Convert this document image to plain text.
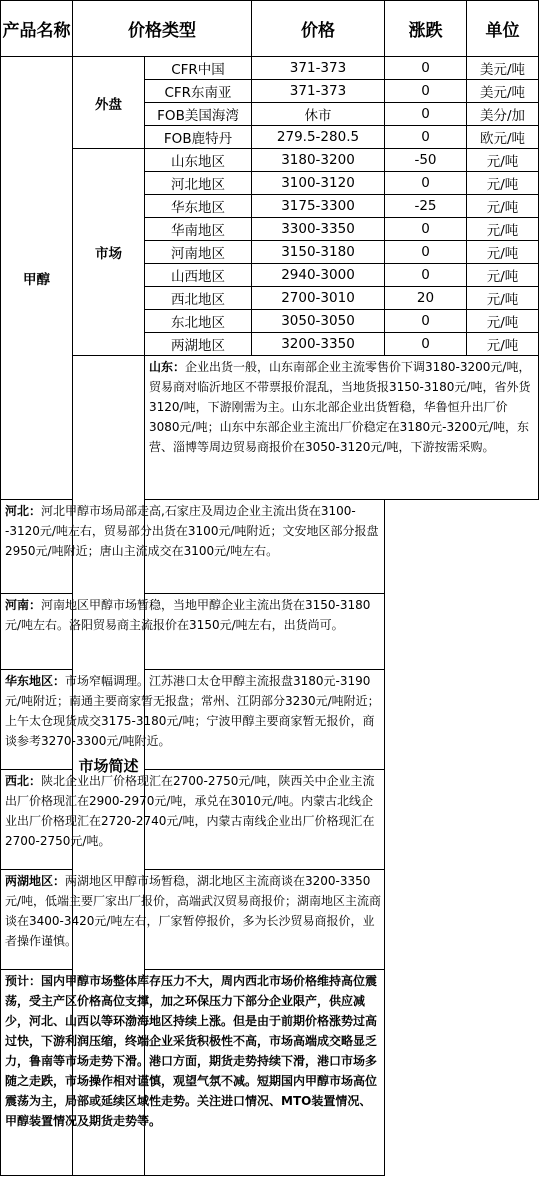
产品名称	价格类型		价格	涨跌	单位
甲醇	外盘	CFR中国	371-373	0	美元/吨
		CFR东南亚	371-373	0	美元/吨
		FOB美国海湾	休市	0	美分/加
		FOB鹿特丹	279.5-280.5	0	欧元/吨
	市场	山东地区	3180-3200	-50	元/吨
		河北地区	3100-3120	0	元/吨
		华东地区	3175-3300	-25	元/吨
		华南地区	3300-3350	0	元/吨
		河南地区	3150-3180	0	元/吨
		山西地区	2940-3000	0	元/吨
		西北地区	2700-3010	20	元/吨
		东北地区	3050-3050	0	元/吨
		两湖地区	3200-3350	0	元/吨
	市场简述	山东：企业出货一般，山东南部企业主流零售价下调3180-3200元/吨，贸易商对临沂地区不带票报价混乱，当地货报3150-3180元/吨，省外货3120/吨，下游刚需为主。山东北部企业出货暂稳，华鲁恒升出厂价3080元/吨；山东中东部企业主流出厂价稳定在3180元-3200元/吨，东营、淄博等周边贸易商报价在3050-3120元/吨，下游按需采购。			
河北：河北甲醇市场局部走高,石家庄及周边企业主流出货在3100--3120元/吨左右，贸易部分出货在3100元/吨附近；文安地区部分报盘2950元/吨附近；唐山主流成交在3100元/吨左右。					
河南：河南地区甲醇市场暂稳，当地甲醇企业主流出货在3150-3180元/吨左右。洛阳贸易商主流报价在3150元/吨左右，出货尚可。					
华东地区：市场窄幅调理。江苏港口太仓甲醇主流报盘3180元-3190元/吨附近；南通主要商家暂无报盘；常州、江阴部分3230元/吨附近；上午太仓现货成交3175-3180元/吨；宁波甲醇主要商家暂无报价，商谈参考3270-3300元/吨附近。					
西北：陕北企业出厂价格现汇在2700-2750元/吨，陕西关中企业主流出厂价格现汇在2900-2970元/吨，承兑在3010元/吨。内蒙古北线企业出厂价格现汇在2720-2740元/吨，内蒙古南线企业出厂价格现汇在2700-2750元/吨。					
两湖地区：两湖地区甲醇市场暂稳，湖北地区主流商谈在3200-3350元/吨，低端主要厂家出厂报价，高端武汉贸易商报价；湖南地区主流商谈在3400-3420元/吨左右，厂家暂停报价，多为长沙贸易商报价，业者操作谨慎。					
预计：国内甲醇市场整体库存压力不大，周内西北市场价格维持高位震荡，受主产区价格高位支撑，加之环保压力下部分企业限产，供应减少，河北、山西以等环渤海地区持续上涨。但是由于前期价格涨势过高过快，下游利润压缩，终端企业采货积极性不高，市场高端成交略显乏力，鲁南等市场走势下滑。港口方面，期货走势持续下滑，港口市场多随之走跌，市场操作相对谨慎，观望气氛不减。短期国内甲醇市场高位震荡为主，局部或延续区域性走势。关注进口情况、MTO装置情况、甲醇装置情况及期货走势等。					
